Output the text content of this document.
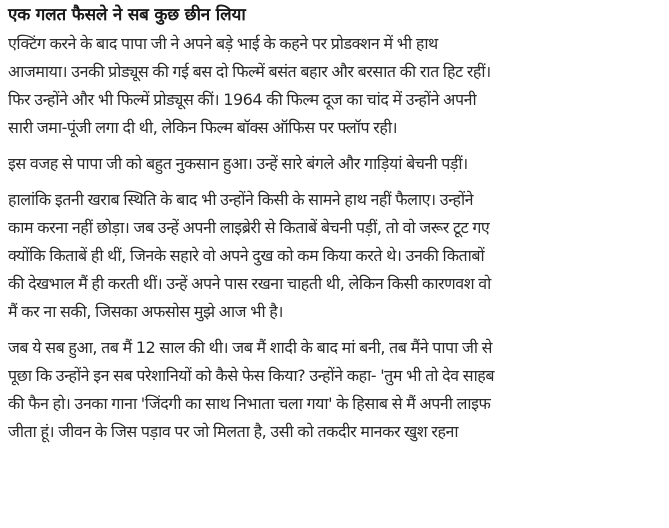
एक गलत फैसले ने सब कुछ छीन लिया
एक्टिंग करने के बाद पापा जी ने अपने बड़े भाई के कहने पर प्रोडक्शन में भी हाथ
आजमाया। उनकी प्रोड्यूस की गई बस दो फिल्में बसंत बहार और बरसात की रात हिट रहीं।
फिर उन्होंने और भी फिल्में प्रोड्यूस कीं। 1964 की फिल्म दूज का चांद में उन्होंने अपनी
सारी जमा-पूंजी लगा दी थी, लेकिन फिल्म बॉक्स ऑफिस पर फ्लॉप रही।
इस वजह से पापा जी को बहुत नुकसान हुआ। उन्हें सारे बंगले और गाड़ियां बेचनी पड़ीं।
हालांकि इतनी खराब स्थिति के बाद भी उन्होंने किसी के सामने हाथ नहीं फैलाए। उन्होंने
काम करना नहीं छोड़ा। जब उन्हें अपनी लाइब्रेरी से किताबें बेचनी पड़ीं, तो वो जरूर टूट गए
क्योंकि किताबें ही थीं, जिनके सहारे वो अपने दुख को कम किया करते थे। उनकी किताबों
की देखभाल मैं ही करती थीं। उन्हें अपने पास रखना चाहती थी, लेकिन किसी कारणवश वो
मैं कर ना सकी, जिसका अफसोस मुझे आज भी है।
जब ये सब हुआ, तब मैं 12 साल की थी। जब मैं शादी के बाद मां बनी, तब मैंने पापा जी से
पूछा कि उन्होंने इन सब परेशानियों को कैसे फेस किया? उन्होंने कहा- 'तुम भी तो देव साहब
की फैन हो। उनका गाना 'जिंदगी का साथ निभाता चला गया' के हिसाब से मैं अपनी लाइफ
जीता हूं। जीवन के जिस पड़ाव पर जो मिलता है, उसी को तकदीर मानकर खुश रहना
